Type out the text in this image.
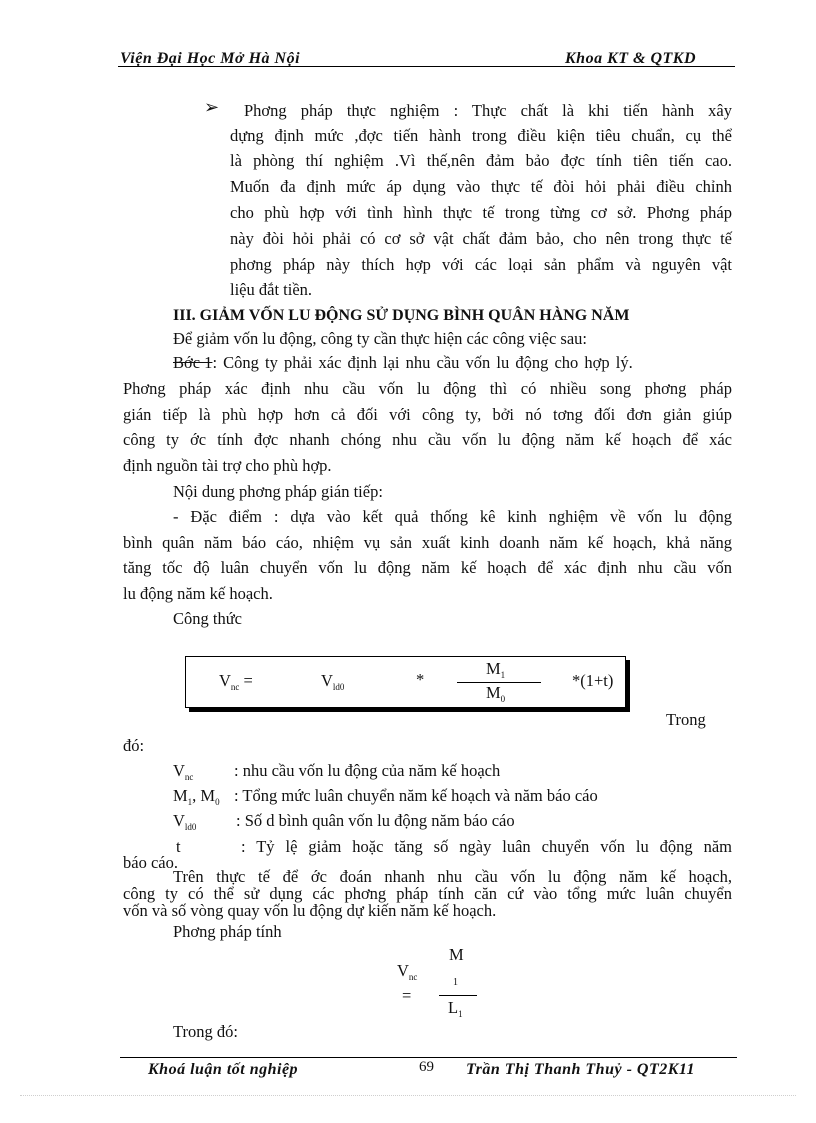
Viện Đại Học Mở Hà Nội	Khoa KT & QTKD
➢ Phơng pháp thực nghiệm : Thực chất là khi tiến hành xây
dựng định mức ,đợc tiến hành trong điều kiện tiêu chuẩn, cụ thể
là phòng thí nghiệm .Vì thế,nên đảm bảo đợc tính tiên tiến cao.
Muốn đa định mức áp dụng vào thực tế đòi hỏi phải điều chỉnh
cho phù hợp với tình hình thực tế trong từng cơ sở. Phơng pháp
này đòi hỏi phải có cơ sở vật chất đảm bảo, cho nên trong thực tế
phơng pháp này thích hợp với các loại sản phẩm và nguyên vật
liệu đắt tiền.
III. GIẢM VỐN LU ĐỘNG SỬ DỤNG BÌNH QUÂN HÀNG NĂM
Để giảm vốn lu động, công ty cần thực hiện các công việc sau:
Bớc 1: Công ty phải xác định lại nhu cầu vốn lu động cho hợp lý.
Phơng pháp xác định nhu cầu vốn lu động thì có nhiều song phơng pháp
gián tiếp là phù hợp hơn cả đối với công ty, bởi nó tơng đối đơn giản giúp
công ty ớc tính đợc nhanh chóng nhu cầu vốn lu động năm kế hoạch để xác
định nguồn tài trợ cho phù hợp.
Nội dung phơng pháp gián tiếp:
- Đặc điểm : dựa vào kết quả thống kê kinh nghiệm về vốn lu động
bình quân năm báo cáo, nhiệm vụ sản xuất kinh doanh năm kế hoạch, khả năng
tăng tốc độ luân chuyển vốn lu động năm kế hoạch để xác định nhu cầu vốn
lu động năm kế hoạch.
Công thức
$V_{nc}$ =	$V_{ld0}$	*
$M_1$
$M_0$
*(1+t)
Trong
đó:
$V_{nc}$ : nhu cầu vốn lu động của năm kế hoạch
$M_1$, $M_0$ : Tổng mức luân chuyển năm kế hoạch và năm báo cáo
$V_{ld0}$ : Số d bình quân vốn lu động năm báo cáo
t	: Tỷ lệ giảm hoặc tăng số ngày luân chuyển vốn lu động năm
báo cáo.
Trên thực tế để ớc đoán nhanh nhu cầu vốn lu động năm kế hoạch,
công ty có thể sử dụng các phơng pháp tính căn cứ vào tổng mức luân chuyển
vốn và số vòng quay vốn lu động dự kiến năm kế hoạch.
Phơng pháp tính
M
$V_{nc}$	1
=
$L_1$
Trong đó:
Khoá luận tốt nghiệp	69 Trần Thị Thanh Thuỷ - QT2K11
